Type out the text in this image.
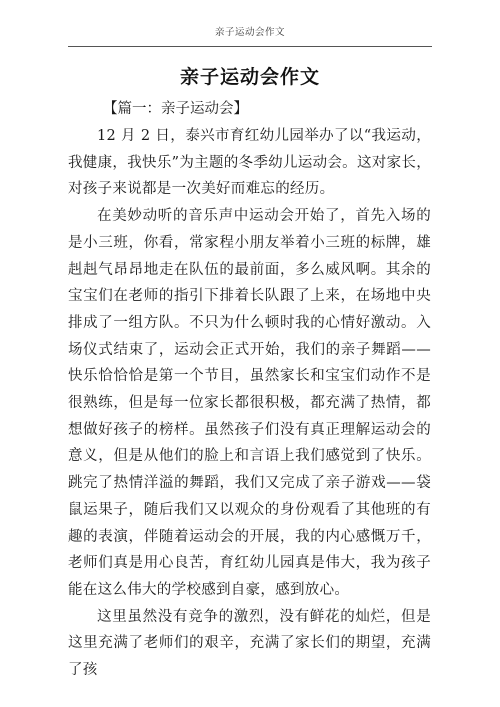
亲子运动会作文
亲子运动会作文
【篇一：亲子运动会】

12 月 2 日，泰兴市育红幼儿园举办了以“我运动，我健康，我快乐”为主题的冬季幼儿运动会。这对家长，对孩子来说都是一次美好而难忘的经历。

在美妙动听的音乐声中运动会开始了，首先入场的是小三班，你看，常家程小朋友举着小三班的标牌，雄赳赳气昂昂地走在队伍的最前面，多么威风啊。其余的宝宝们在老师的指引下排着长队跟了上来，在场地中央排成了一组方队。不只为什么顿时我的心情好激动。入场仪式结束了，运动会正式开始，我们的亲子舞蹈——快乐恰恰恰是第一个节目，虽然家长和宝宝们动作不是很熟练，但是每一位家长都很积极，都充满了热情，都想做好孩子的榜样。虽然孩子们没有真正理解运动会的意义，但是从他们的脸上和言语上我们感觉到了快乐。跳完了热情洋溢的舞蹈，我们又完成了亲子游戏——袋鼠运果子，随后我们又以观众的身份观看了其他班的有趣的表演，伴随着运动会的开展，我的内心感慨万千，老师们真是用心良苦，育红幼儿园真是伟大，我为孩子能在这么伟大的学校感到自豪，感到放心。

这里虽然没有竞争的激烈，没有鲜花的灿烂，但是这里充满了老师们的艰辛，充满了家长们的期望，充满了孩
